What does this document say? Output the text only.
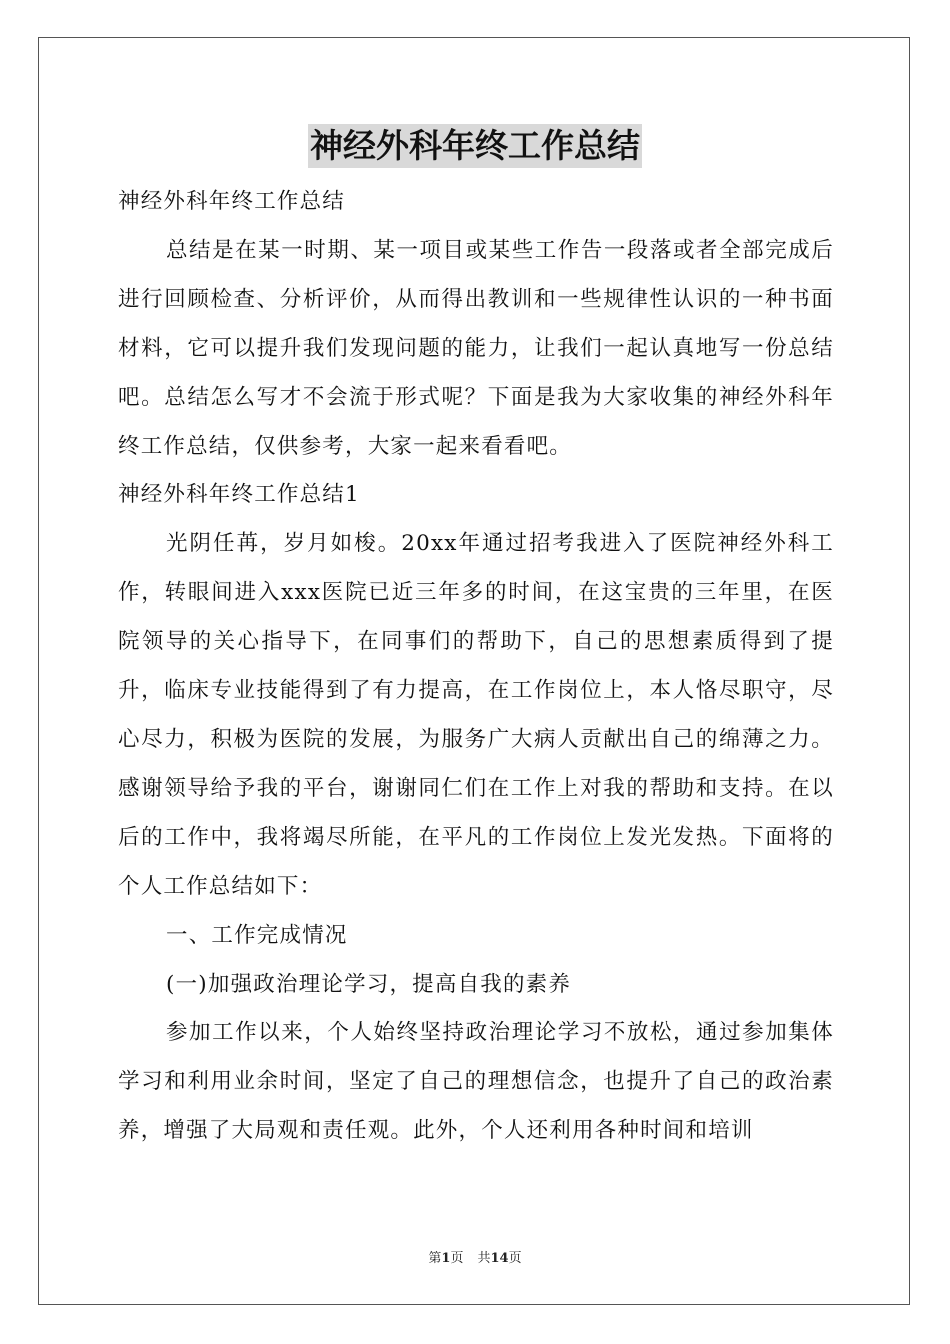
神经外科年终工作总结

神经外科年终工作总结

总结是在某一时期、某一项目或某些工作告一段落或者全部完成后进行回顾检查、分析评价，从而得出教训和一些规律性认识的一种书面材料，它可以提升我们发现问题的能力，让我们一起认真地写一份总结吧。总结怎么写才不会流于形式呢？下面是我为大家收集的神经外科年终工作总结，仅供参考，大家一起来看看吧。

神经外科年终工作总结1

光阴任苒，岁月如梭。20xx年通过招考我进入了医院神经外科工作，转眼间进入xxx医院已近三年多的时间，在这宝贵的三年里，在医院领导的关心指导下，在同事们的帮助下，自己的思想素质得到了提升，临床专业技能得到了有力提高，在工作岗位上，本人恪尽职守，尽心尽力，积极为医院的发展，为服务广大病人贡献出自己的绵薄之力。感谢领导给予我的平台，谢谢同仁们在工作上对我的帮助和支持。在以后的工作中，我将竭尽所能，在平凡的工作岗位上发光发热。下面将的个人工作总结如下：

一、工作完成情况

(一)加强政治理论学习，提高自我的素养

参加工作以来，个人始终坚持政治理论学习不放松，通过参加集体学习和利用业余时间，坚定了自己的理想信念，也提升了自己的政治素养，增强了大局观和责任观。此外，个人还利用各种时间和培训

第1页 共14页
